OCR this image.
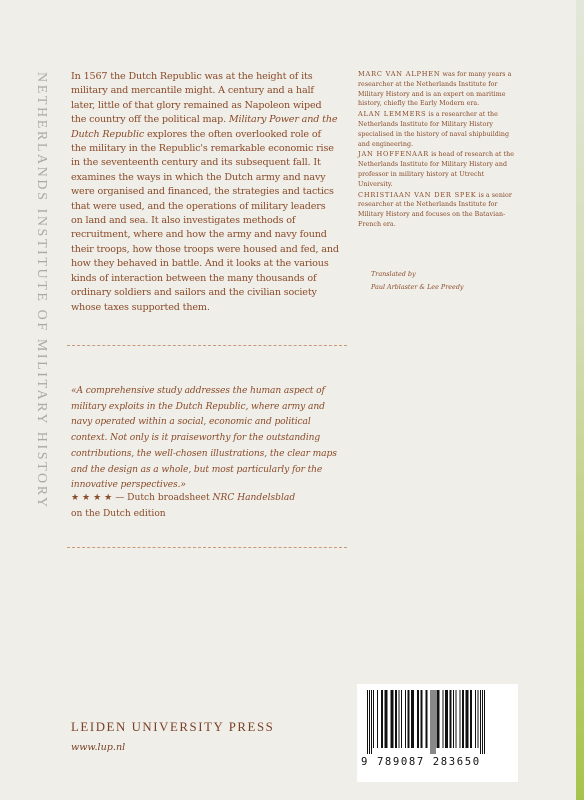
NETHERLANDS INSTITUTE OF MILITARY HISTORY In 1567 the Dutch Republic was at the height of its military and mercantile might. A century and a half later, little of that glory remained as Napoleon wiped the country off the political map. Military Power and the Dutch Republic explores the often overlooked role of the military in the Republic's remarkable economic rise in the seventeenth century and its subsequent fall. It examines the ways in which the Dutch army and navy were organised and financed, the strategies and tactics that were used, and the operations of military leaders on land and sea. It also investigates methods of recruitment, where and how the army and navy found their troops, how those troops were housed and fed, and how they behaved in battle. And it looks at the various kinds of interaction between the many thousands of ordinary soldiers and sailors and the civilian society whose taxes supported them.

«A comprehensive study addresses the human aspect of military exploits in the Dutch Republic, where army and navy operated within a social, economic and political context. Not only is it praiseworthy for the outstanding contributions, the well-chosen illustrations, the clear maps and the design as a whole, but most particularly for the innovative perspectives.»

★ ★ ★ ★ — Dutch broadsheet NRC Handelsblad
on the Dutch edition

MARC VAN ALPHEN was for many years a researcher at the Netherlands Institute for Military History and is an expert on maritime history, chiefly the Early Modern era.

ALAN LEMMERS is a researcher at the Netherlands Institute for Military History specialised in the history of naval shipbuilding and engineering.

JAN HOFFENAAR is head of research at the Netherlands Institute for Military History and professor in military history at Utrecht University.

CHRISTIAAN VAN DER SPEK is a senior researcher at the Netherlands Institute for Military History and focuses on the Batavian-French era.

Translated by
Paul Arblaster & Lee Preedy
LEIDEN UNIVERSITY PRESS
www.lup.nl
9 789087 283650
